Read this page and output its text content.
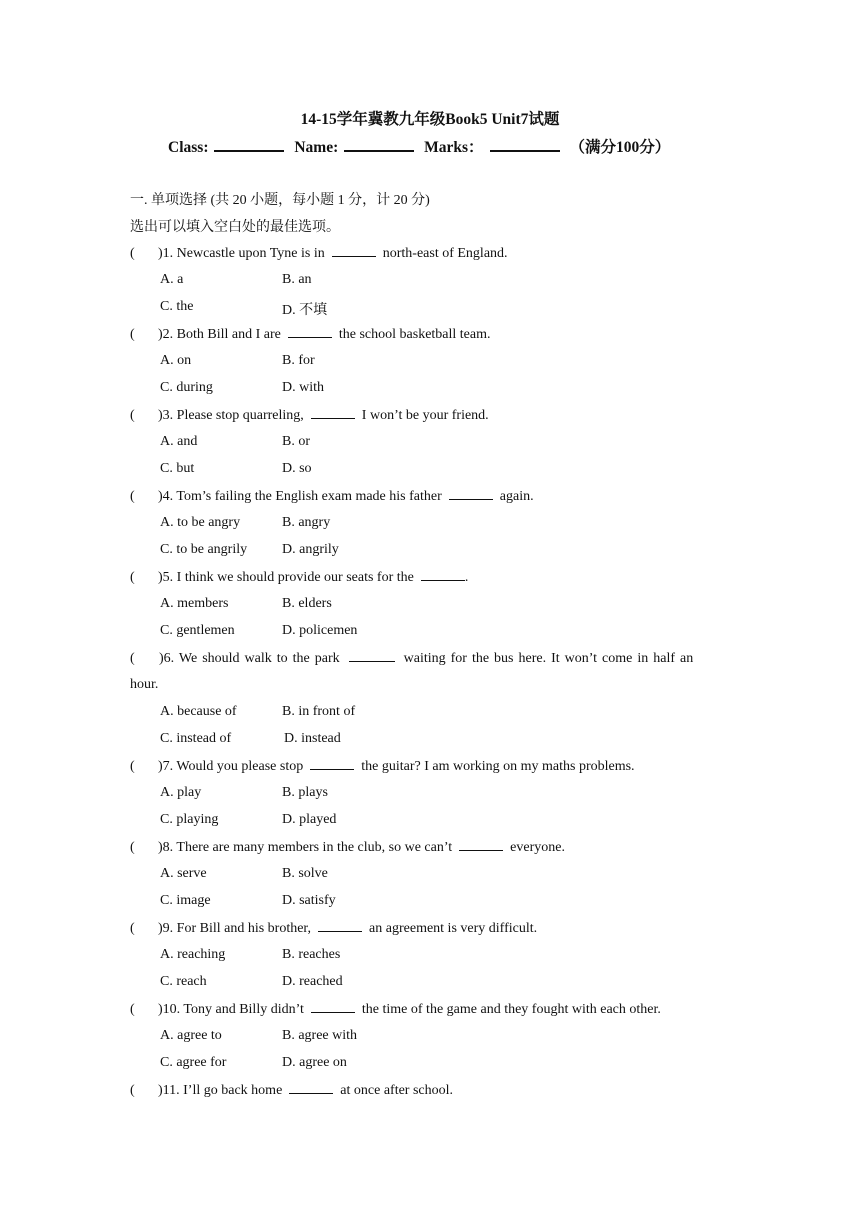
14-15学年冀教九年级Book5 Unit7试题
Class:	Name:	Marks：	（满分100分）
一. 单项选择 (共 20 小题，每小题 1 分，计 20 分)
选出可以填入空白处的最佳选项。
( )1. Newcastle upon Tyne is in	north-east of England.
A. a	B. an
C. the	D. 不填
( )2. Both Bill and I are	the school basketball team.
A. on	B. for
C. during	D. with
( )3. Please stop quarreling,	I won’t be your friend.
A. and	B. or
C. but	D. so
( )4. Tom’s failing the English exam made his father	again.
A. to be angry	B. angry
C. to be angrily D. angrily
( )5. I think we should provide our seats for the	.
A. members	B. elders
C. gentlemen	D. policemen
( )6. We should walk to the park	waiting for the bus here. It won’t come in half an
hour.
A. because of	B. in front of
C. instead of	D. instead
( )7. Would you please stop	the guitar? I am working on my maths problems.
A. play	B. plays
C. playing	D. played
( )8. There are many members in the club, so we can’t	everyone.
A. serve	B. solve
C. image	D. satisfy
( )9. For Bill and his brother,	an agreement is very difficult.
A. reaching	B. reaches
C. reach	D. reached
( )10. Tony and Billy didn’t	the time of the game and they fought with each other.
A. agree to	B. agree with
C. agree for	D. agree on
( )11. I’ll go back home	at once after school.
